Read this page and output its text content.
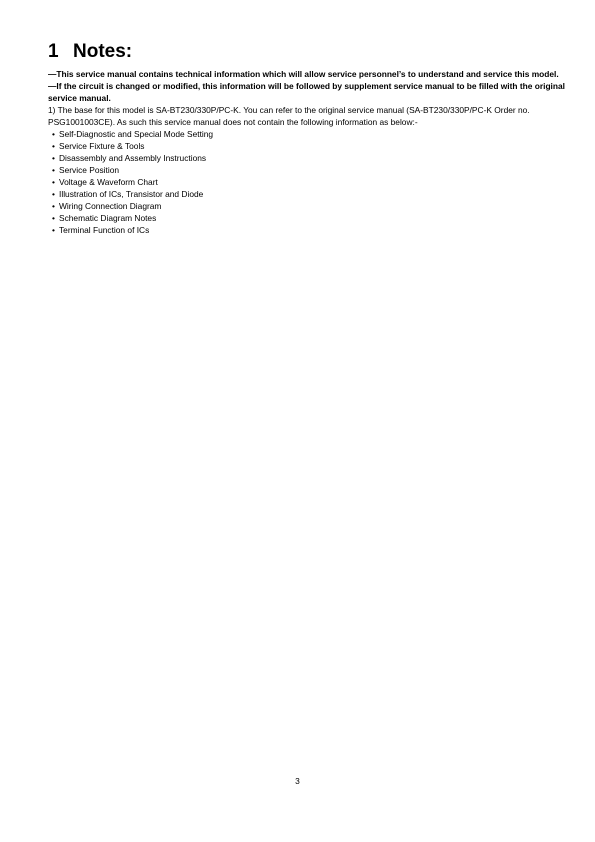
1 Notes:

—This service manual contains technical information which will allow service personnel’s to understand and service this model.

—If the circuit is changed or modified, this information will be followed by supplement service manual to be filled with the original service manual.

1) The base for this model is SA-BT230/330P/PC-K. You can refer to the original service manual (SA-BT230/330P/PC-K Order no. PSG1001003CE). As such this service manual does not contain the following information as below:-

• Self-Diagnostic and Special Mode Setting
• Service Fixture & Tools
• Disassembly and Assembly Instructions
• Service Position
• Voltage & Waveform Chart
• Illustration of ICs, Transistor and Diode
• Wiring Connection Diagram
• Schematic Diagram Notes
• Terminal Function of ICs
3
